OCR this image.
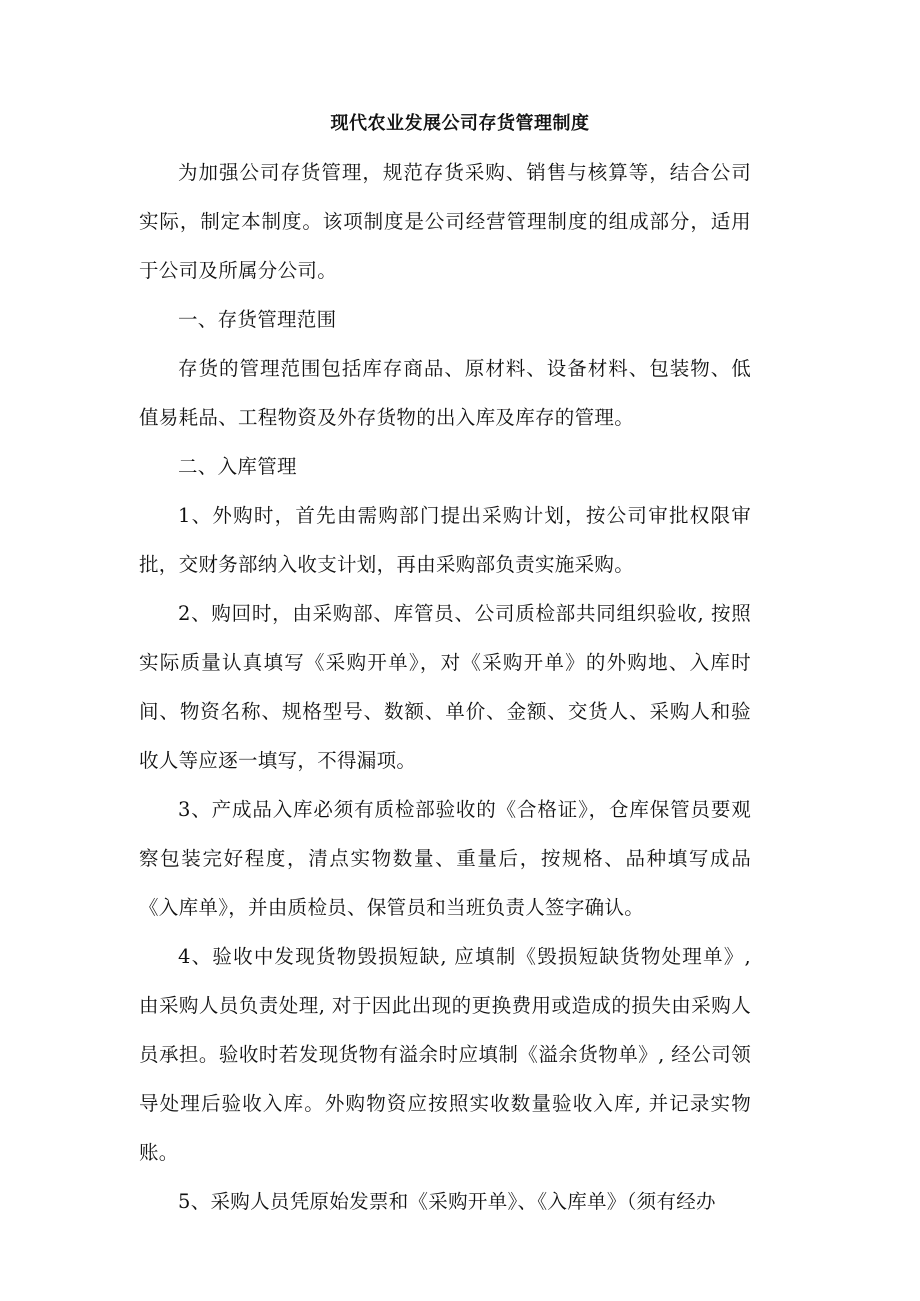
现代农业发展公司存货管理制度

为加强公司存货管理，规范存货采购、销售与核算等，结合公司实际，制定本制度。该项制度是公司经营管理制度的组成部分，适用于公司及所属分公司。

一、存货管理范围

存货的管理范围包括库存商品、原材料、设备材料、包装物、低值易耗品、工程物资及外存货物的出入库及库存的管理。

二、入库管理

1、外购时，首先由需购部门提出采购计划，按公司审批权限审批，交财务部纳入收支计划，再由采购部负责实施采购。

2、购回时，由采购部、库管员、公司质检部共同组织验收, 按照实际质量认真填写《采购开单》，对《采购开单》的外购地、入库时间、物资名称、规格型号、数额、单价、金额、交货人、采购人和验收人等应逐一填写，不得漏项。

3、产成品入库必须有质检部验收的《合格证》，仓库保管员要观察包装完好程度，清点实物数量、重量后，按规格、品种填写成品《入库单》，并由质检员、保管员和当班负责人签字确认。

4、验收中发现货物毁损短缺, 应填制《毁损短缺货物处理单》, 由采购人员负责处理, 对于因此出现的更换费用或造成的损失由采购人员承担。验收时若发现货物有溢余时应填制《溢余货物单》, 经公司领导处理后验收入库。外购物资应按照实收数量验收入库, 并记录实物账。

5、采购人员凭原始发票和《采购开单》、《入库单》（须有经办
